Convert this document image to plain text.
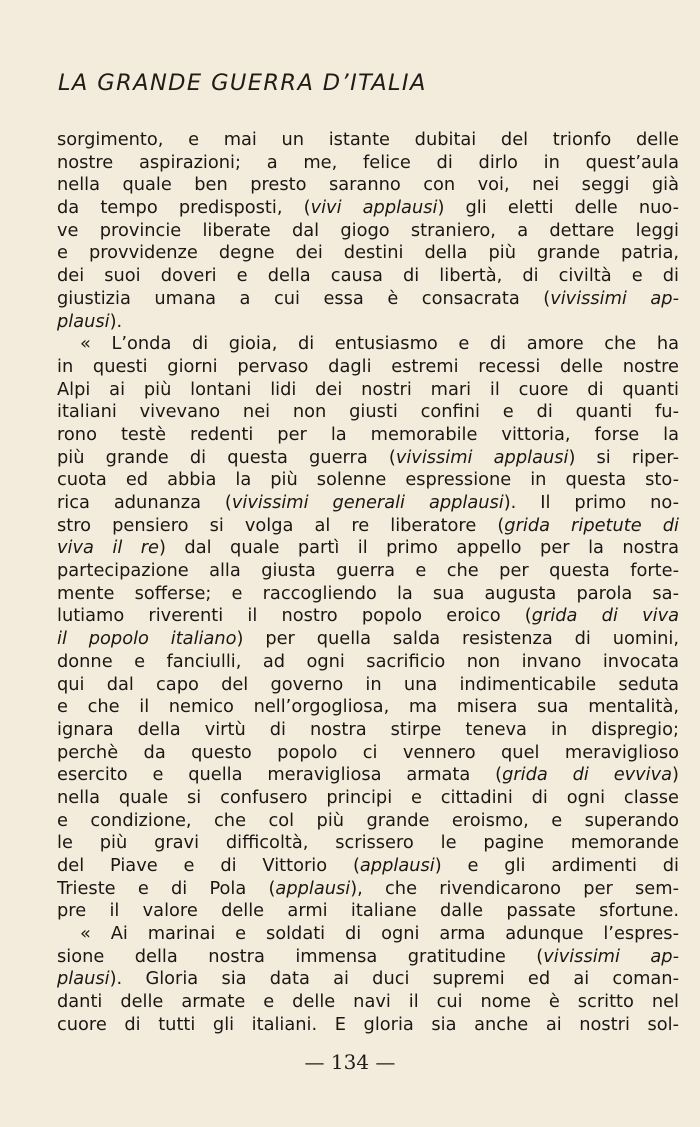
LA GRANDE GUERRA D’ITALIA
sorgimento, e mai un istante dubitai del trionfo delle
nostre aspirazioni; a me, felice di dirlo in quest’aula
nella quale ben presto saranno con voi, nei seggi già
da tempo predisposti, (vivi applausi) gli eletti delle nuo-
ve provincie liberate dal giogo straniero, a dettare leggi
e provvidenze degne dei destini della più grande patria,
dei suoi doveri e della causa di libertà, di civiltà e di
giustizia umana a cui essa è consacrata (vivissimi ap-
plausi).
« L’onda di gioia, di entusiasmo e di amore che ha
in questi giorni pervaso dagli estremi recessi delle nostre
Alpi ai più lontani lidi dei nostri mari il cuore di quanti
italiani vivevano nei non giusti confini e di quanti fu-
rono testè redenti per la memorabile vittoria, forse la
più grande di questa guerra (vivissimi applausi) si riper-
cuota ed abbia la più solenne espressione in questa sto-
rica adunanza (vivissimi generali applausi). Il primo no-
stro pensiero si volga al re liberatore (grida ripetute di
viva il re) dal quale partì il primo appello per la nostra
partecipazione alla giusta guerra e che per questa forte-
mente sofferse; e raccogliendo la sua augusta parola sa-
lutiamo riverenti il nostro popolo eroico (grida di viva
il popolo italiano) per quella salda resistenza di uomini,
donne e fanciulli, ad ogni sacrificio non invano invocata
qui dal capo del governo in una indimenticabile seduta
e che il nemico nell’orgogliosa, ma misera sua mentalità,
ignara della virtù di nostra stirpe teneva in dispregio;
perchè da questo popolo ci vennero quel meraviglioso
esercito e quella meravigliosa armata (grida di evviva)
nella quale si confusero principi e cittadini di ogni classe
e condizione, che col più grande eroismo, e superando
le più gravi difficoltà, scrissero le pagine memorande
del Piave e di Vittorio (applausi) e gli ardimenti di
Trieste e di Pola (applausi), che rivendicarono per sem-
pre il valore delle armi italiane dalle passate sfortune.
« Ai marinai e soldati di ogni arma adunque l’espres-
sione della nostra immensa gratitudine (vivissimi ap-
plausi). Gloria sia data ai duci supremi ed ai coman-
danti delle armate e delle navi il cui nome è scritto nel
cuore di tutti gli italiani. E gloria sia anche ai nostri sol-
— 134 —
